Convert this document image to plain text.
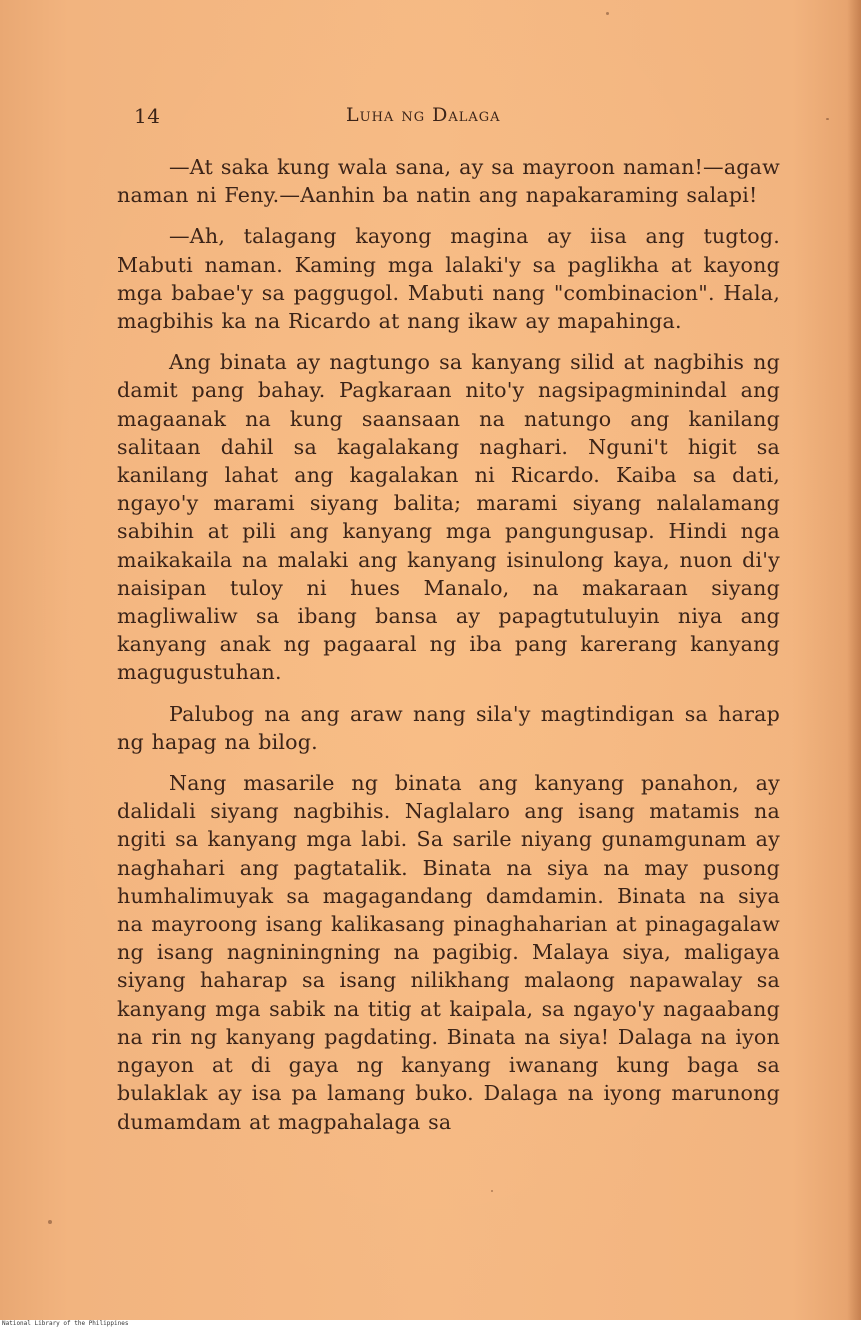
14	Luha ng Dalaga

—At saka kung wala sana, ay sa mayroon naman!—agaw naman ni Feny.—Aanhin ba natin ang napakaraming salapi!

—Ah, talagang kayong magina ay iisa ang tugtog. Mabuti naman. Kaming mga lalaki'y sa paglikha at kayong mga babae'y sa paggugol. Mabuti nang "combinacion". Hala, magbihis ka na Ricardo at nang ikaw ay mapahinga.

Ang binata ay nagtungo sa kanyang silid at nagbihis ng damit pang bahay. Pagkaraan nito'y nagsipagminindal ang magaanak na kung saansaan na natungo ang kanilang salitaan dahil sa kagalakang naghari. Nguni't higit sa kanilang lahat ang kagalakan ni Ricardo. Kaiba sa dati, ngayo'y marami siyang balita; marami siyang nalalamang sabihin at pili ang kanyang mga pangungusap. Hindi nga maikakaila na malaki ang kanyang isinulong kaya, nuon di'y naisipan tuloy ni hues Manalo, na makaraan siyang magliwaliw sa ibang bansa ay papagtutuluyin niya ang kanyang anak ng pagaaral ng iba pang karerang kanyang magugustuhan.

Palubog na ang araw nang sila'y magtindigan sa harap ng hapag na bilog.

Nang masarile ng binata ang kanyang panahon, ay dalidali siyang nagbihis. Naglalaro ang isang matamis na ngiti sa kanyang mga labi. Sa sarile niyang gunamgunam ay naghahari ang pagtatalik. Binata na siya na may pusong humhalimuyak sa magagandang damdamin. Binata na siya na mayroong isang kalikasang pinaghaharian at pinagagalaw ng isang nagniningning na pagibig. Malaya siya, maligaya siyang haharap sa isang nilikhang malaong napawalay sa kanyang mga sabik na titig at kaipala, sa ngayo'y nagaabang na rin ng kanyang pagdating. Binata na siya! Dalaga na iyon ngayon at di gaya ng kanyang iwanang kung baga sa bulaklak ay isa pa lamang buko. Dalaga na iyong marunong dumamdam at magpahalaga sa

National Library of the Philippines
